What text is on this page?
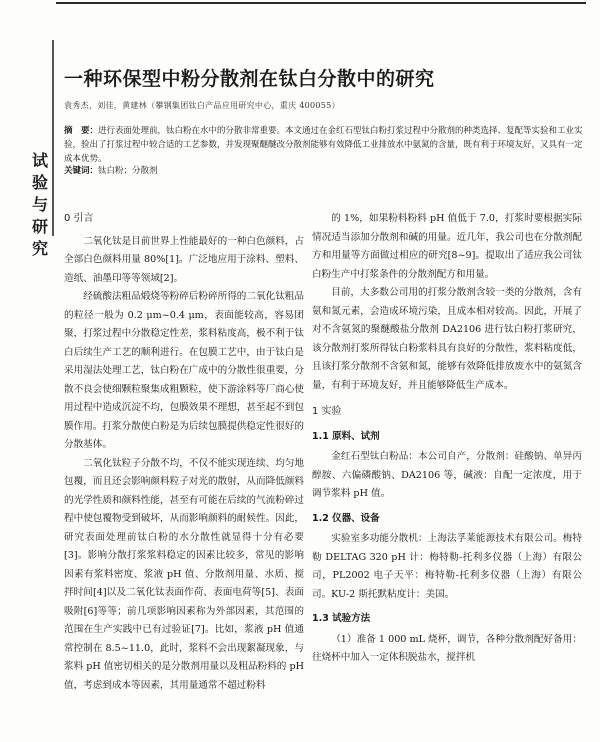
试验与研究
一种环保型中粉分散剂在钛白分散中的研究
袁秀杰，刘佳，黄建林（攀钢集团钛白产品应用研究中心，重庆 400055）
摘　要：进行表面处理前，钛白粉在水中的分散非常重要。本文通过在金红石型钛白粉打浆过程中分散剂的种类选择、复配等实验和工业实验，验出了打浆过程中较合适的工艺参数，并发现聚醚醚改分散剂能够有效降低工业排放水中氨氮的含量，既有利于环境友好，又具有一定成本优势。
关键词：钛白粉；分散剂
0 引言

二氧化钛是目前世界上性能最好的一种白色颜料，占全部白色颜料用量 80%[1]。广泛地应用于涂料、塑料、造纸、油墨印等等领域[2]。

经硫酸法粗品煅烧等粉碎后粉碎所得的二氧化钛粗品的粒径一般为 0.2 μm~0.4 μm，表面能较高，容易团聚，打浆过程中分散稳定性差，浆料粘度高，极不利于钛白后续生产工艺的顺利进行。在包膜工艺中，由于钛白是采用湿法处理工艺，钛白粉在广成中的分散性很重要，分散不良会使细颗粒聚集成粗颗粒，使下游涂料等厂商心使用过程中造成沉淀不均，包膜效果不理想，甚至起不到包膜作用。打浆分散使白粉是为后续包膜提供稳定性很好的分散基体。

二氧化钛粒子分散不均，不仅不能实现连续、均匀地包覆，而且还会影响颜料粒子对光的散射，从而降低颜料的光学性质和颜料性能，甚至有可能在后续的气流粉碎过程中使包覆物受到破坏，从而影响颜料的耐候性。因此，研究表面处理前钛白粉的水分散性就显得十分有必要[3]。影响分散打浆浆料稳定的因素比较多，常见的影响因素有浆料密度、浆液 pH 值、分散剂用量、水质、搅拌时间[4]以及二氧化钛表面作荷、表面电荷等[5]、表面吸附[6]等等；前几项影响因素称为外部因素，其范围的范围在生产实践中已有过验证[7]。比如，浆液 pH 值通常控制在 8.5~11.0，此时，浆料不会出现絮凝现象，与浆料 pH 值密切相关的是分散剂用量以及粗品粉料的 pH 值，考虑到成本等因素，其用量通常不超过粉料

的 1%，如果粉料粉料 pH 值低于 7.0，打浆时要根据实际情况适当添加分散剂和碱的用量。近几年，我公司也在分散剂配方和用量等方面做过相应的研究[8~9]。提取出了适应我公司钛白粉生产中打浆条件的分散剂配方和用量。

目前，大多数公司用的打浆分散剂含较一类的分散剂，含有氨和氮元素，会造成环境污染，且成本相对较高。因此，开展了对不含氨氮的聚醚酸盐分散剂 DA2106 进行钛白粉打浆研究，该分散剂打浆所得钛白粉浆料具有良好的分散性，浆料粘度低，且该打浆分散剂不含氨和氮，能够有效降低排放废水中的氨氮含量，有利于环境友好，并且能够降低生产成本。

1 实验
1.1 原料、试剂

金红石型钛白粉品：本公司自产，分散剂：硅酸钠、单异丙醇胺、六偏磷酸钠、DA2106 等，碱液：自配一定浓度，用于调节浆料 pH 值。

1.2 仪器、设备

实验室多功能分散机：上海法孚莱能源技术有限公司。梅特勒 DELTAG 320 pH 计：梅特勒-托利多仪器（上海）有限公司，PL2002 电子天平：梅特勒-托利多仪器（上海）有限公司。KU-2 斯托默粘度计：美国。

1.3 试验方法

（1）准备 1 000 mL 烧杯，调节，各种分散剂配好备用：往烧杯中加入一定体积脱盐水，搅拌机
